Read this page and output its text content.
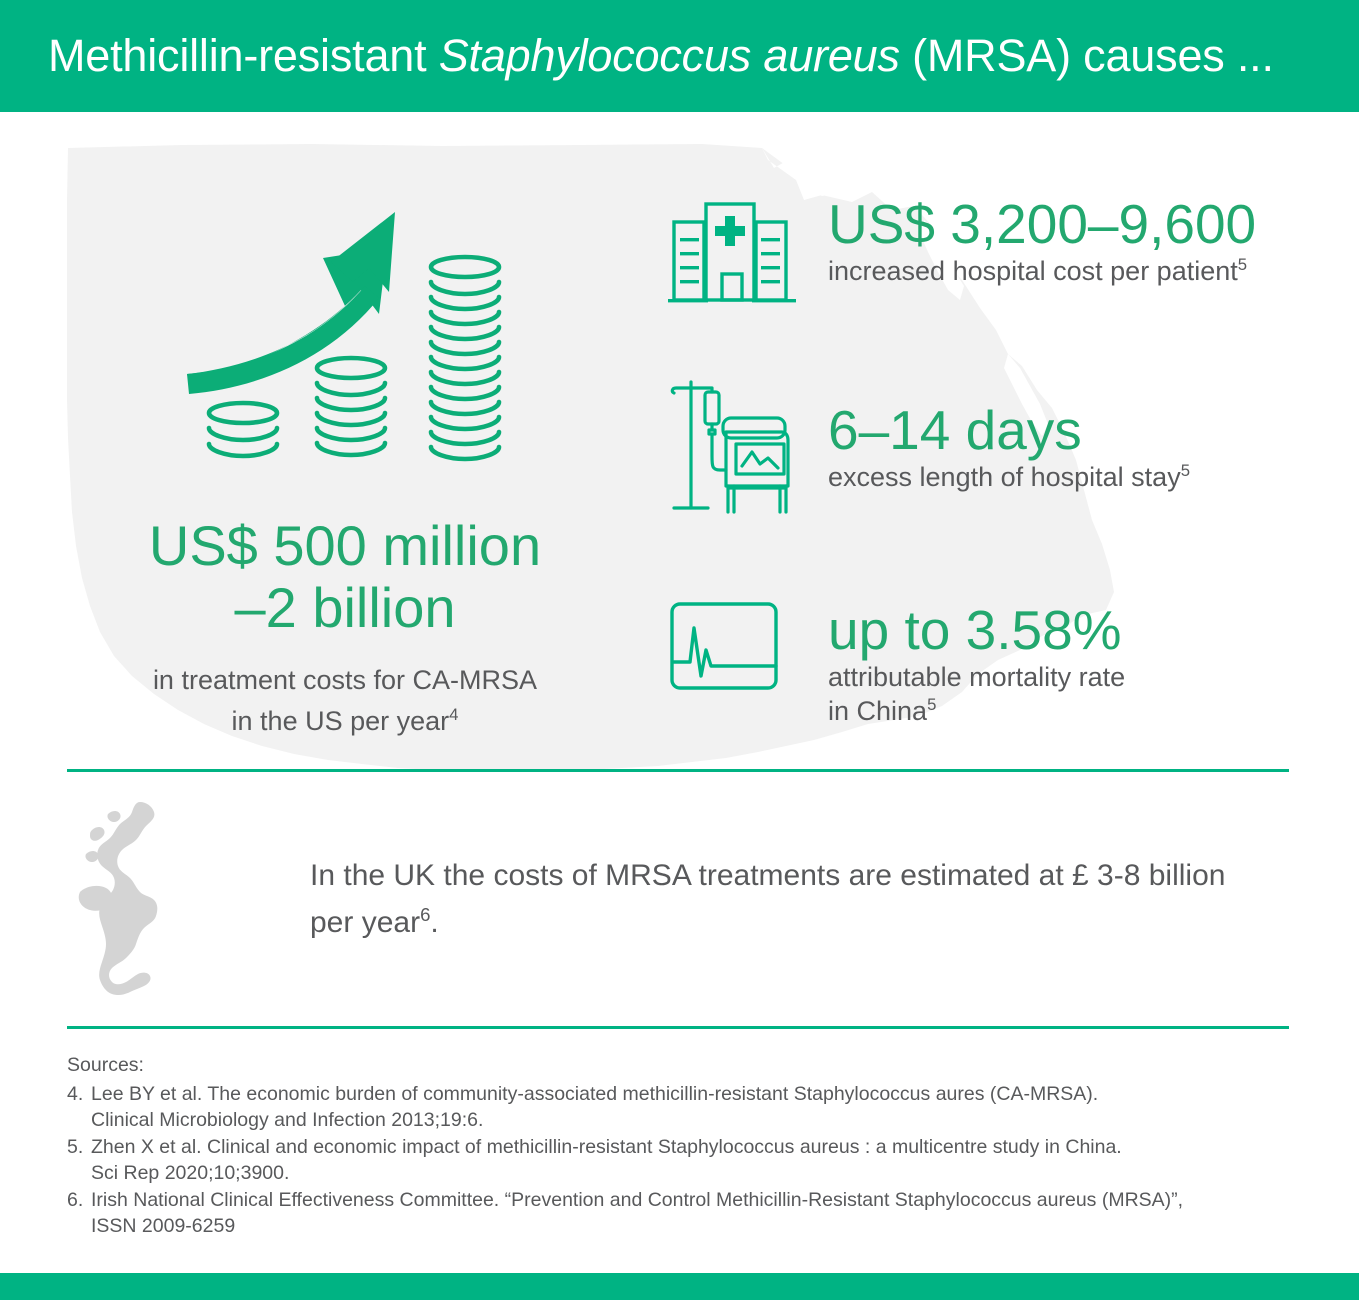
Methicillin-resistant Staphylococcus aureus (MRSA) causes ...
US$ 500 million
–2 billion
in treatment costs for CA-MRSA
in the US per year$^4$
US$ 3,200–9,600
increased hospital cost per patient$^5$
6–14 days
excess length of hospital stay$^5$
up to 3.58%
attributable mortality rate
in China$^5$
In the UK the costs of MRSA treatments are estimated at £ 3-8 billion
per year$^6$.

Sources:

4. Lee BY et al. The economic burden of community-associated methicillin-resistant Staphylococcus aures (CA-MRSA).
Clinical Microbiology and Infection 2013;19:6.

5. Zhen X et al. Clinical and economic impact of methicillin-resistant Staphylococcus aureus : a multicentre study in China.
Sci Rep 2020;10;3900.

6. Irish National Clinical Effectiveness Committee. “Prevention and Control Methicillin-Resistant Staphylococcus aureus (MRSA)”,
ISSN 2009-6259
